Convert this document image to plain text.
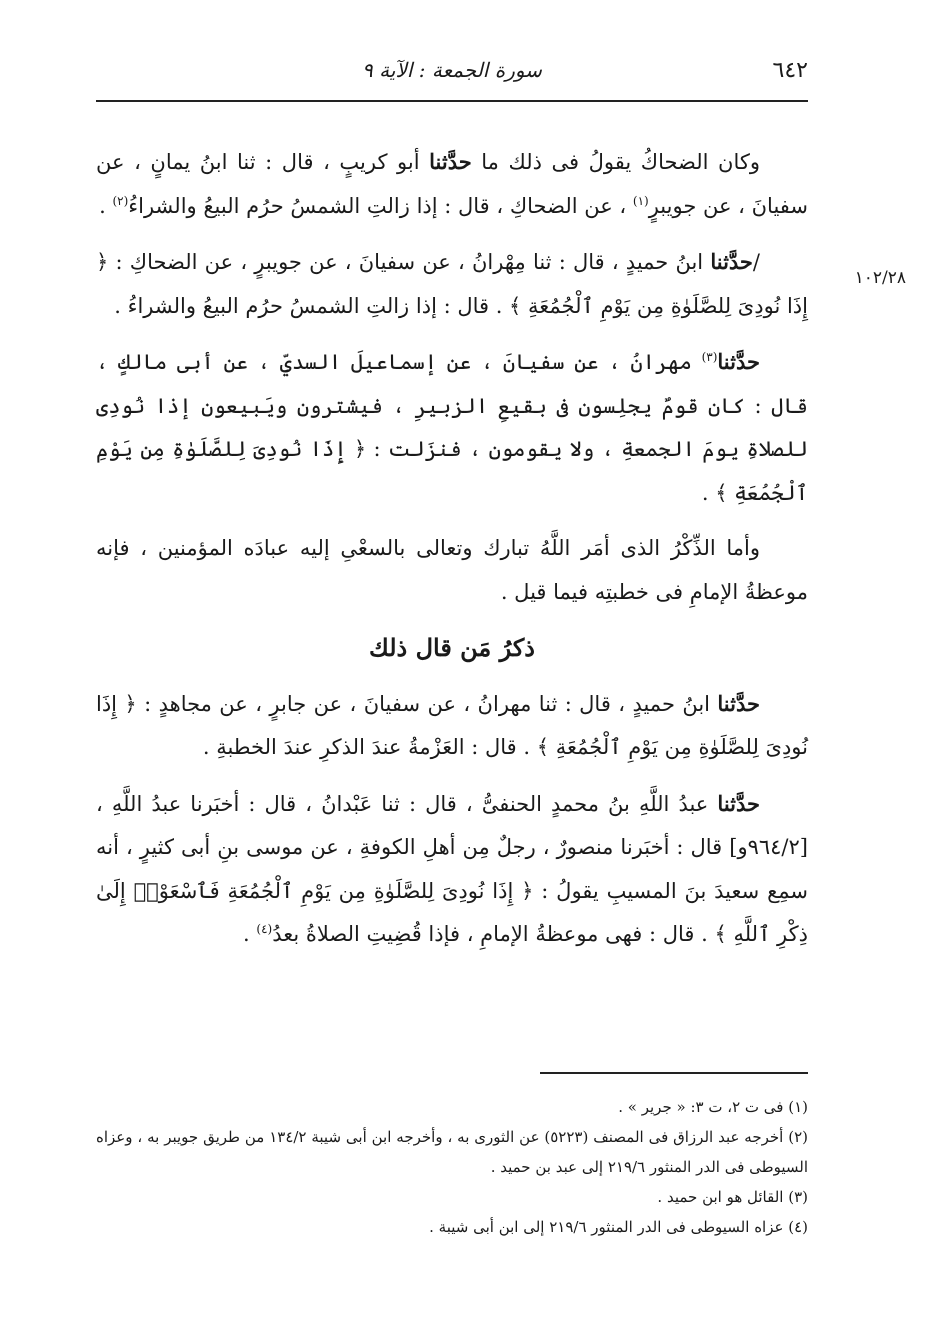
٦٤٢
سورة الجمعة : الآية ٩
١٠٢/٢٨

وكان الضحاكُ يقولُ فى ذلك ما حدَّثنا أبو كريبٍ ، قال : ثنا ابنُ يمانٍ ، عن سفيانَ ، عن جويبرٍ$^{(١)}$ ، عن الضحاكِ ، قال : إذا زالتِ الشمسُ حرُم البيعُ والشراءُ$^{(٢)}$ .

/حدَّثنا ابنُ حميدٍ ، قال : ثنا مِهْرانُ ، عن سفيانَ ، عن جويبرٍ ، عن الضحاكِ : ﴿ إِذَا نُودِىَ لِلصَّلَوٰةِ مِن يَوْمِ ٱلْجُمُعَةِ ﴾ . قال : إذا زالتِ الشمسُ حرُم البيعُ والشراءُ .

حدَّثنا$^{(٣)}$ مهرانُ ، عن سفيانَ ، عن إسماعيلَ السديِّ ، عن أبى مالكٍ ، قال : كان قومٌ يجلِسون فى بقيعِ الزبيرِ ، فيشترون ويَبيعون إذا نُودِى للصلاةِ يومَ الجمعةِ ، ولا يقومون ، فنزَلت : ﴿ إِذَا نُودِىَ لِلصَّلَوٰةِ مِن يَوْمِ ٱلْجُمُعَةِ ﴾ .

وأما الذِّكْرُ الذى أمَر اللَّهُ تبارك وتعالى بالسعْىِ إليه عبادَه المؤمنين ، فإنه موعظةُ الإمامِ فى خطبتِه فيما قيل .

ذكرُ مَن قال ذلك

حدَّثنا ابنُ حميدٍ ، قال : ثنا مهرانُ ، عن سفيانَ ، عن جابرٍ ، عن مجاهدٍ : ﴿ إِذَا نُودِىَ لِلصَّلَوٰةِ مِن يَوْمِ ٱلْجُمُعَةِ ﴾ . قال : العَزْمةُ عندَ الذكرِ عندَ الخطبةِ .

حدَّثنا عبدُ اللَّهِ بنُ محمدٍ الحنفىُّ ، قال : ثنا عَبْدانُ ، قال : أخبَرنا عبدُ اللَّهِ ، [٩٦٤/٢و] قال : أخبَرنا منصورٌ ، رجلٌ مِن أهلِ الكوفةِ ، عن موسى بنِ أبى كثيرٍ ، أنه سمِع سعيدَ بنَ المسيبِ يقولُ : ﴿ إِذَا نُودِىَ لِلصَّلَوٰةِ مِن يَوْمِ ٱلْجُمُعَةِ فَٱسْعَوْا۟ إِلَىٰ ذِكْرِ ٱللَّهِ ﴾ . قال : فهى موعظةُ الإمامِ ، فإذا قُضِيتِ الصلاةُ بعدُ$^{(٤)}$ .

(١) فى ت ٢، ت ٣: « جرير » .

(٢) أخرجه عبد الرزاق فى المصنف (٥٢٢٣) عن الثورى به ، وأخرجه ابن أبى شيبة ١٣٤/٢ من طريق جويبر به ، وعزاه السيوطى فى الدر المنثور ٢١٩/٦ إلى عبد بن حميد .

(٣) القائل هو ابن حميد .

(٤) عزاه السيوطى فى الدر المنثور ٢١٩/٦ إلى ابن أبى شيبة .
